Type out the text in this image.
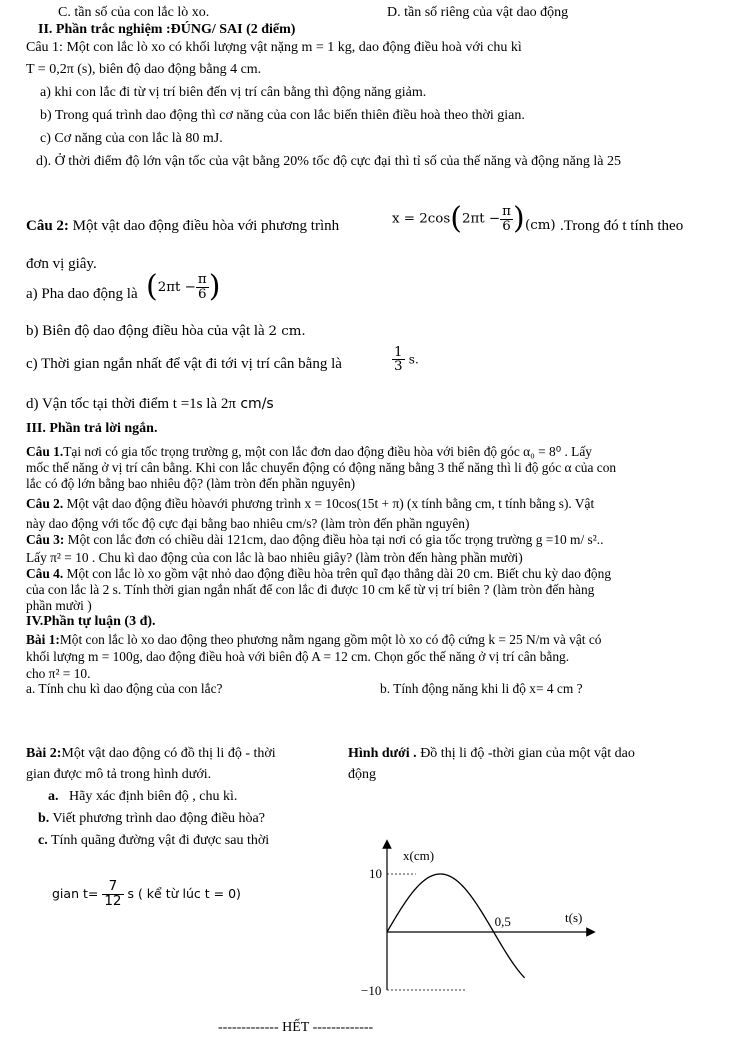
C. tần số của con lắc lò xo.	D. tần số riêng của vật dao động
II. Phần trắc nghiệm :ĐÚNG/ SAI (2 điểm)
Câu 1: Một con lắc lò xo có khối lượng vật nặng m = 1 kg, dao động điều hoà với chu kì
T = 0,2π (s), biên độ dao động bằng 4 cm.
a) khi con lắc đi từ vị trí biên đến vị trí cân bằng thì động năng giảm.
b) Trong quá trình dao động thì cơ năng của con lắc biến thiên điều hoà theo thời gian.
c) Cơ năng của con lắc là 80 mJ.
d). Ở thời điểm độ lớn vận tốc của vật bằng 20% tốc độ cực đại thì tỉ số của thế năng và động năng là 25
Câu 2: Một vật dao động điều hòa với phương trình	$x = 2\cos(2\pi t - \frac{\pi}{6}$ ) (cm) .Trong đó t tính theo
đơn vị giây.
a) Pha dao động là ($2\pi t - \frac{\pi}{6}$ )
b) Biên độ dao động điều hòa của vật là 2 cm.
c) Thời gian ngắn nhất để vật đi tới vị trí cân bằng là	$\frac{1}{3} s$.
d) Vận tốc tại thời điểm t =1s là 2π cm/s
III. Phần trả lời ngắn.
Câu 1.Tại nơi có gia tốc trọng trường g, một con lắc đơn dao động điều hòa với biên độ góc α₀ = 8⁰ . Lấy
mốc thế năng ở vị trí cân bằng. Khi con lắc chuyển động có động năng bằng 3 thế năng thì li độ góc α của con
lắc có độ lớn bằng bao nhiêu độ? (làm tròn đến phần nguyên)
Câu 2. Một vật dao động điều hòavới phương trình x = 10cos(15t + π) (x tính bằng cm, t tính bằng s). Vật
này dao động với tốc độ cực đại bằng bao nhiêu cm/s? (làm tròn đến phần nguyên)
Câu 3: Một con lắc đơn có chiều dài 121cm, dao động điều hòa tại nơi có gia tốc trọng trường g =10 m/ s²..
Lấy π² = 10 . Chu kì dao động của con lắc là bao nhiêu giây? (làm tròn đến hàng phần mười)
Câu 4. Một con lắc lò xo gồm vật nhỏ dao động điều hòa trên quĩ đạo thẳng dài 20 cm. Biết chu kỳ dao động
của con lắc là 2 s. Tính thời gian ngắn nhất để con lắc đi được 10 cm kể từ vị trí biên ? (làm tròn đến hàng
phần mười )
IV.Phần tự luận (3 đ).
Bài 1:Một con lắc lò xo dao động theo phương nằm ngang gồm một lò xo có độ cứng k = 25 N/m và vật có
khối lượng m = 100g, dao động điều hoà với biên độ A = 12 cm. Chọn gốc thế năng ở vị trí cân bằng.
cho π² = 10.
a. Tính chu kì dao động của con lắc?	b. Tính động năng khi li độ x= 4 cm ?
Bài 2:Một vật dao động có đồ thị li độ - thời
gian được mô tả trong hình dưới.
a. Hãy xác định biên độ , chu kì.
b. Viết phương trình dao động điều hòa?
c. Tính quãng đường vật đi được sau thời
gian $t= \frac{7}{12}$ s ( kể từ lúc t = 0)
Hình dưới . Đồ thị li độ -thời gian của một vật dao
động
10
−10
0,5
x(cm)
t(s)
------------- HẾT -------------
